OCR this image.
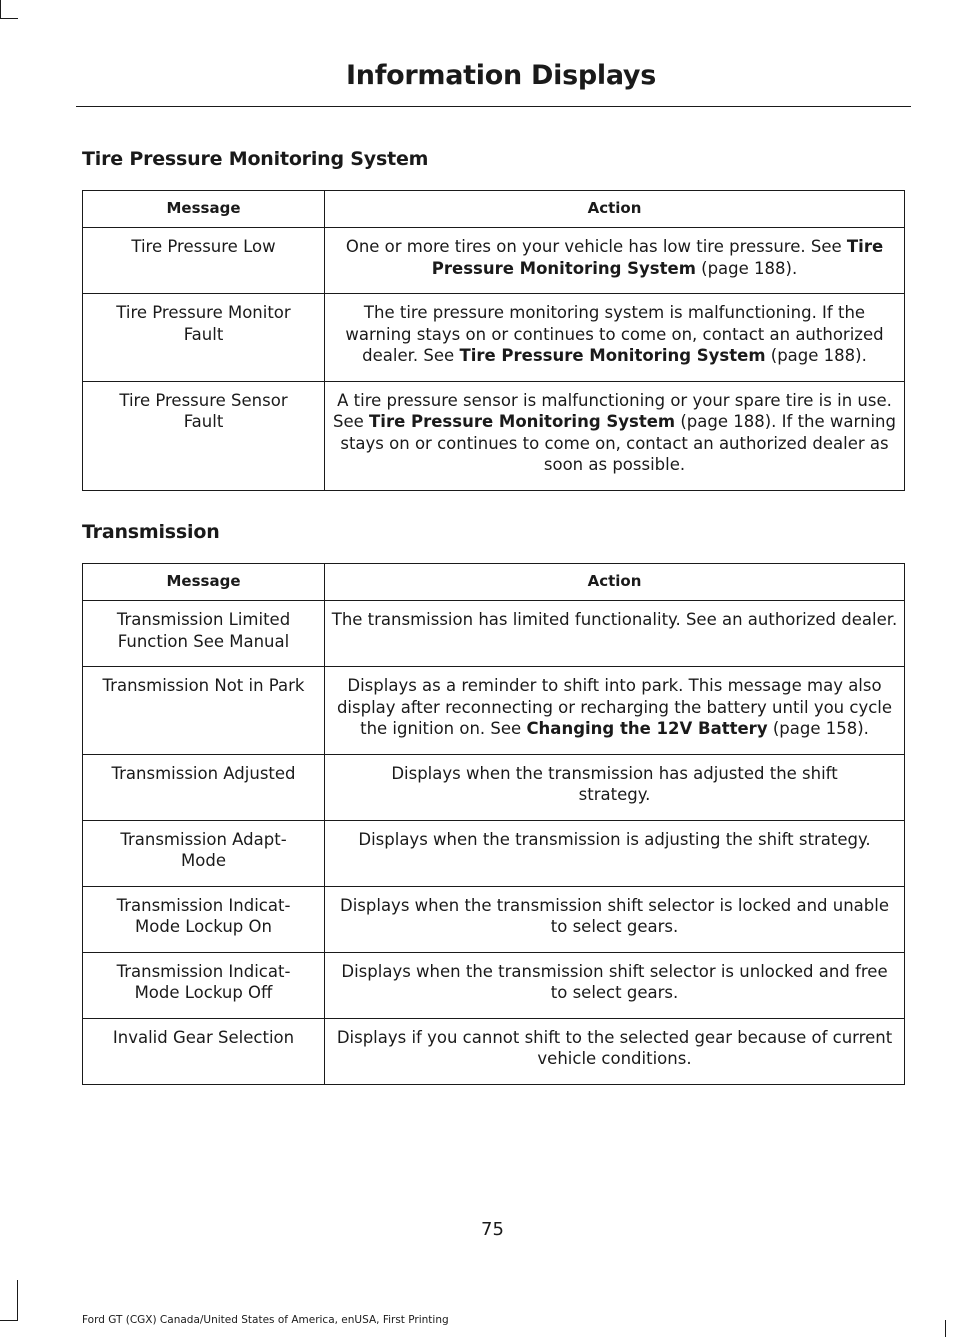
Information Displays
Tire Pressure Monitoring System
Message	Action
Tire Pressure Low	One or more tires on your vehicle has low tire pressure. See Tire Pressure Monitoring System (page 188).
Tire Pressure Monitor Fault	The tire pressure monitoring system is malfunctioning. If the warning stays on or continues to come on, contact an authorized dealer. See Tire Pressure Monitoring System (page 188).
Tire Pressure Sensor Fault	A tire pressure sensor is malfunctioning or your spare tire is in use. See Tire Pressure Monitoring System (page 188). If the warning stays on or continues to come on, contact an authorized dealer as soon as possible.
Transmission
Message	Action
Transmission Limited Function See Manual	The transmission has limited functionality. See an authorized dealer.
Transmission Not in Park	Displays as a reminder to shift into park. This message may also display after reconnecting or recharging the battery until you cycle the ignition on. See Changing the 12V Battery (page 158).
Transmission Adjusted	Displays when the transmission has adjusted the shift strategy.
Transmission Adapt-Mode	Displays when the transmission is adjusting the shift strategy.
Transmission Indicat-Mode Lockup On	Displays when the transmission shift selector is locked and unable to select gears.
Transmission Indicat-Mode Lockup Off	Displays when the transmission shift selector is unlocked and free to select gears.
Invalid Gear Selection	Displays if you cannot shift to the selected gear because of current vehicle conditions.
75
Ford GT (CGX) Canada/United States of America, enUSA, First Printing
